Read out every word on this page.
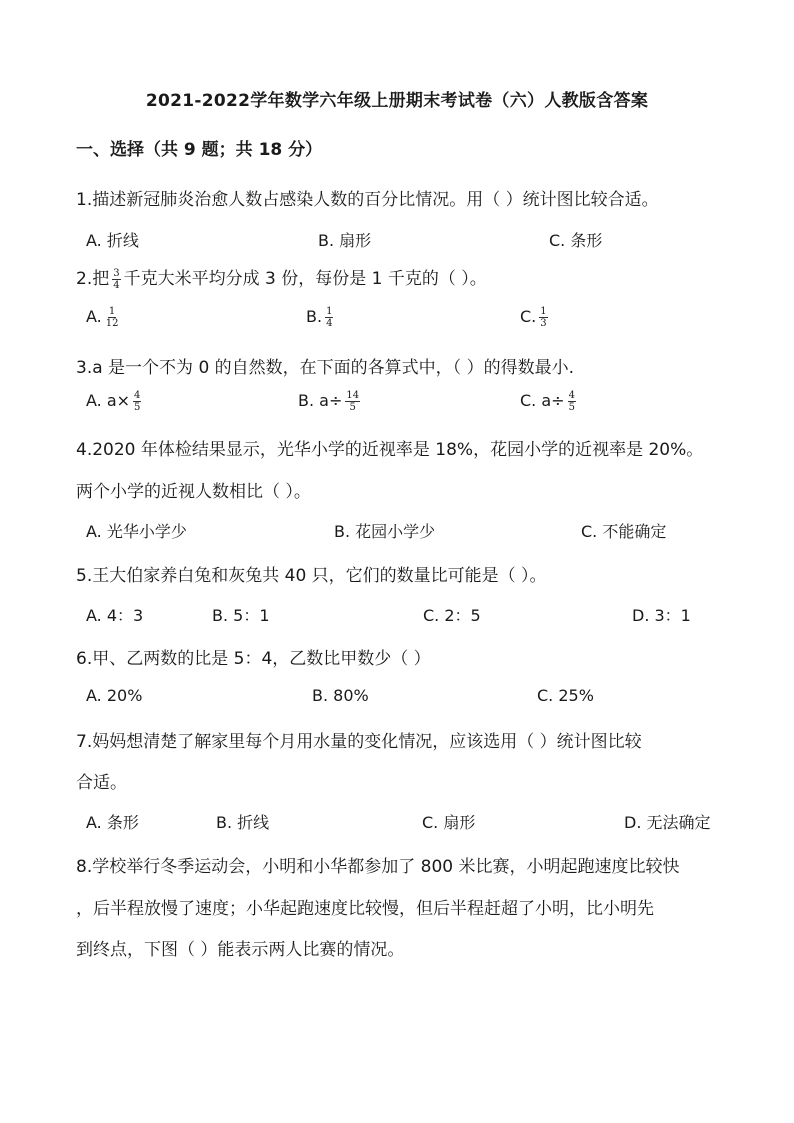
2021-2022学年数学六年级上册期末考试卷（六）人教版含答案
一、选择（共 9 题；共 18 分）
1.描述新冠肺炎治愈人数占感染人数的百分比情况。用（ ）统计图比较合适。
A. 折线	B. 扇形	C. 条形
2.把 $\frac{3}{4}$ 千克大米平均分成 3 份，每份是 1 千克的（ ）。
A. $\frac{1}{12}$	B. $\frac{1}{4}$	C. $\frac{1}{3}$
3.a 是一个不为 0 的自然数，在下面的各算式中，（ ）的得数最小.
A. $a\times \frac{4}{5}$	B. $a\div \frac{14}{5}$	C. $a\div \frac{4}{5}$
4.2020 年体检结果显示，光华小学的近视率是 18%，花园小学的近视率是 20%。
两个小学的近视人数相比（ ）。
A. 光华小学少	B. 花园小学少	C. 不能确定
5.王大伯家养白兔和灰兔共 40 只，它们的数量比可能是（ ）。
A. 4：3	B. 5：1	C. 2：5	D. 3：1
6.甲、乙两数的比是 5：4，乙数比甲数少（ ）
A. 20%	B. 80%	C. 25%
7.妈妈想清楚了解家里每个月用水量的变化情况，应该选用（ ）统计图比较
合适。
A. 条形	B. 折线	C. 扇形	D. 无法确定
8.学校举行冬季运动会，小明和小华都参加了 800 米比赛，小明起跑速度比较快
，后半程放慢了速度；小华起跑速度比较慢，但后半程赶超了小明，比小明先
到终点，下图（ ）能表示两人比赛的情况。
